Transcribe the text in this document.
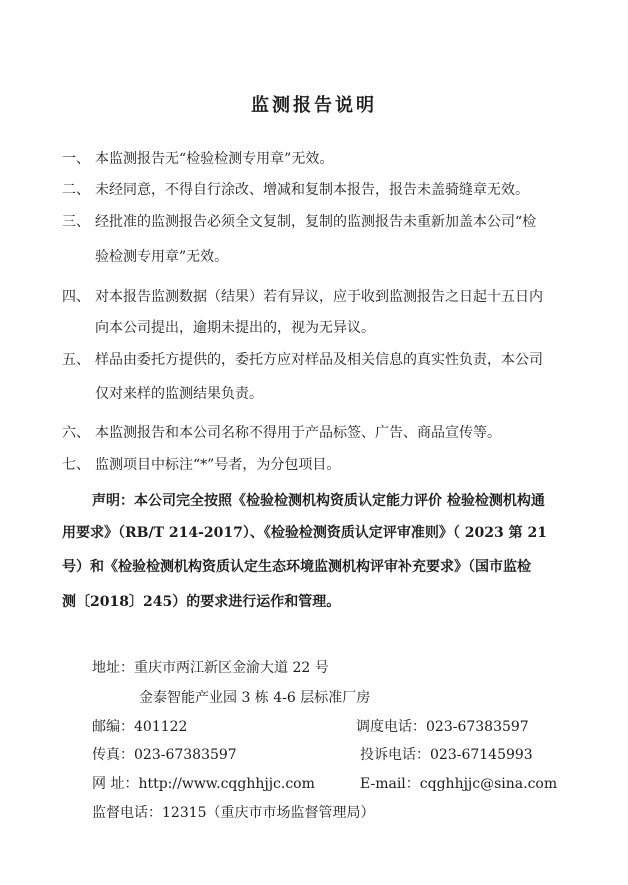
监测报告说明
一、 本监测报告无“检验检测专用章”无效。
二、 未经同意，不得自行涂改、增减和复制本报告，报告未盖骑缝章无效。
三、 经批准的监测报告必须全文复制，复制的监测报告未重新加盖本公司“检
验检测专用章”无效。
四、 对本报告监测数据（结果）若有异议，应于收到监测报告之日起十五日内
向本公司提出，逾期未提出的，视为无异议。
五、 样品由委托方提供的，委托方应对样品及相关信息的真实性负责，本公司
仅对来样的监测结果负责。
六、 本监测报告和本公司名称不得用于产品标签、广告、商品宣传等。
七、 监测项目中标注“*”号者，为分包项目。
声明：本公司完全按照《检验检测机构资质认定能力评价 检验检测机构通
用要求》（RB/T 214-2017）、《检验检测资质认定评审准则》（ 2023 第 21
号）和《检验检测机构资质认定生态环境监测机构评审补充要求》（国市监检
测〔2018〕245）的要求进行运作和管理。
地址：重庆市两江新区金渝大道 22 号
金泰智能产业园 3 栋 4-6 层标准厂房
邮编：401122	调度电话：023-67383597
传真：023-67383597	投诉电话：023-67145993
网 址：http://www.cqghhjjc.com	E-mail：cqghhjjc@sina.com
监督电话：12315（重庆市市场监督管理局）
